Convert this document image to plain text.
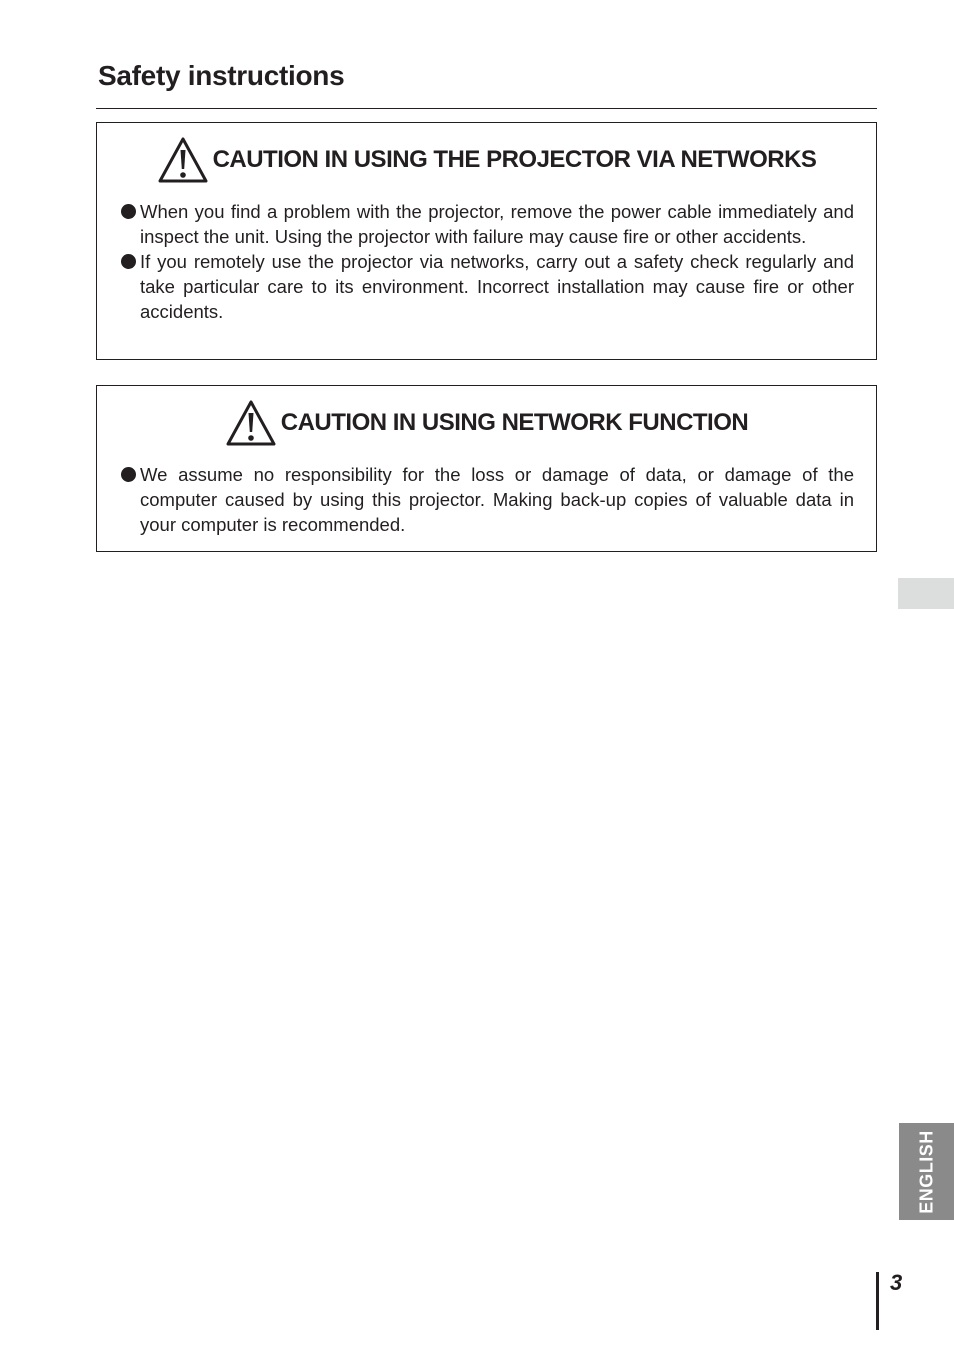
Safety instructions
CAUTION IN USING THE PROJECTOR VIA NETWORKS
When you find a problem with the projector, remove the power cable immediately and inspect the unit. Using the projector with failure may cause fire or other accidents.
If you remotely use the projector via networks, carry out a safety check regularly and take particular care to its environment. Incorrect installation may cause fire or other accidents.
CAUTION IN USING NETWORK FUNCTION
We assume no responsibility for the loss or damage of data, or damage of the computer caused by using this projector. Making back-up copies of valuable data in your computer is recommended.
ENGLISH
3
